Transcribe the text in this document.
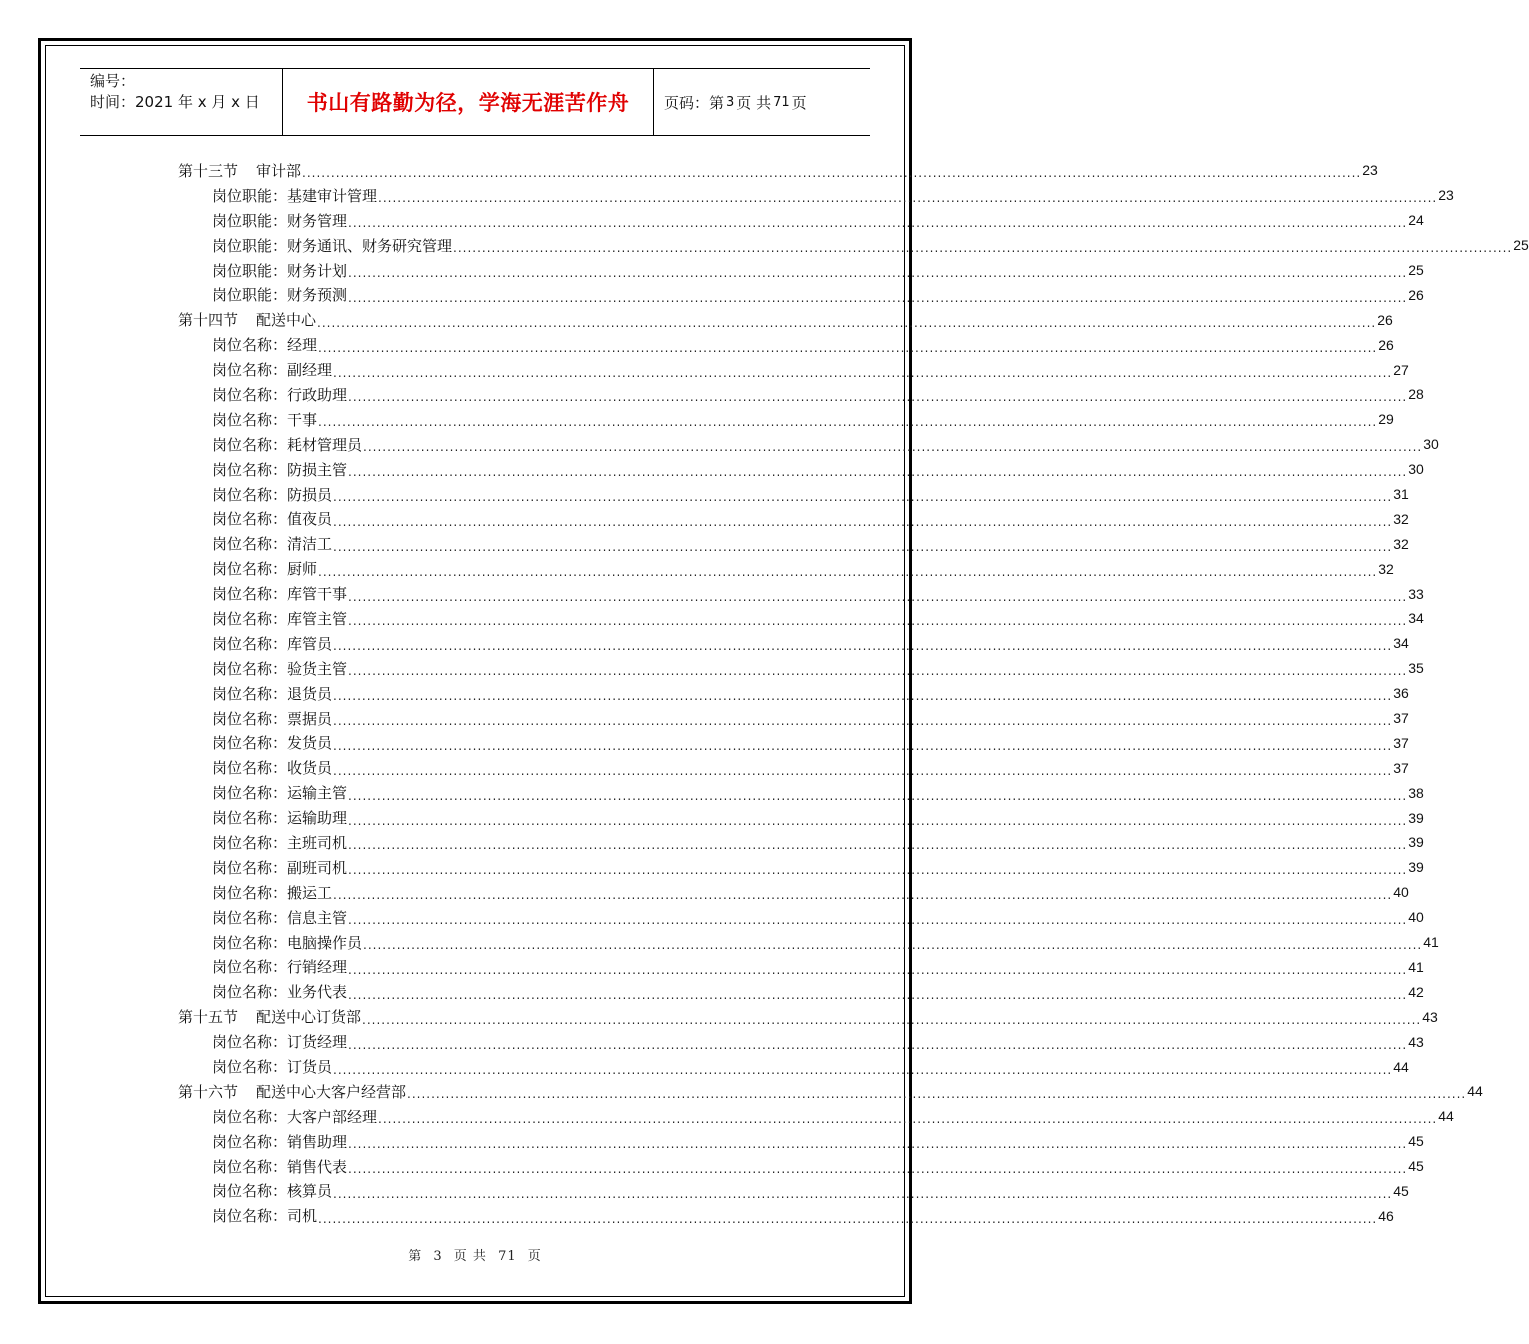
编号：
时间：2021 年 x 月 x 日	书山有路勤为径，学海无涯苦作舟	页码：第 3 页 共 71 页
第十三节 审计部 ............................................................................................................................................................................................................................ 23
岗位职能：基建审计管理 ............................................................................................................................................................................................................................ 23
岗位职能：财务管理 ............................................................................................................................................................................................................................ 24
岗位职能：财务通讯、财务研究管理 ............................................................................................................................................................................................................................ 25
岗位职能：财务计划 ............................................................................................................................................................................................................................ 25
岗位职能：财务预测 ............................................................................................................................................................................................................................ 26
第十四节 配送中心 ............................................................................................................................................................................................................................ 26
岗位名称：经理 ............................................................................................................................................................................................................................ 26
岗位名称：副经理 ............................................................................................................................................................................................................................ 27
岗位名称：行政助理 ............................................................................................................................................................................................................................ 28
岗位名称：干事 ............................................................................................................................................................................................................................ 29
岗位名称：耗材管理员 ............................................................................................................................................................................................................................ 30
岗位名称：防损主管 ............................................................................................................................................................................................................................ 30
岗位名称：防损员 ............................................................................................................................................................................................................................ 31
岗位名称：值夜员 ............................................................................................................................................................................................................................ 32
岗位名称：清洁工 ............................................................................................................................................................................................................................ 32
岗位名称：厨师 ............................................................................................................................................................................................................................ 32
岗位名称：库管干事 ............................................................................................................................................................................................................................ 33
岗位名称：库管主管 ............................................................................................................................................................................................................................ 34
岗位名称：库管员 ............................................................................................................................................................................................................................ 34
岗位名称：验货主管 ............................................................................................................................................................................................................................ 35
岗位名称：退货员 ............................................................................................................................................................................................................................ 36
岗位名称：票据员 ............................................................................................................................................................................................................................ 37
岗位名称：发货员 ............................................................................................................................................................................................................................ 37
岗位名称：收货员 ............................................................................................................................................................................................................................ 37
岗位名称：运输主管 ............................................................................................................................................................................................................................ 38
岗位名称：运输助理 ............................................................................................................................................................................................................................ 39
岗位名称：主班司机 ............................................................................................................................................................................................................................ 39
岗位名称：副班司机 ............................................................................................................................................................................................................................ 39
岗位名称：搬运工 ............................................................................................................................................................................................................................ 40
岗位名称：信息主管 ............................................................................................................................................................................................................................ 40
岗位名称：电脑操作员 ............................................................................................................................................................................................................................ 41
岗位名称：行销经理 ............................................................................................................................................................................................................................ 41
岗位名称：业务代表 ............................................................................................................................................................................................................................ 42
第十五节 配送中心订货部 ............................................................................................................................................................................................................................ 43
岗位名称：订货经理 ............................................................................................................................................................................................................................ 43
岗位名称：订货员 ............................................................................................................................................................................................................................ 44
第十六节 配送中心大客户经营部 ............................................................................................................................................................................................................................ 44
岗位名称：大客户部经理 ............................................................................................................................................................................................................................ 44
岗位名称：销售助理 ............................................................................................................................................................................................................................ 45
岗位名称：销售代表 ............................................................................................................................................................................................................................ 45
岗位名称：核算员 ............................................................................................................................................................................................................................ 45
岗位名称：司机 ............................................................................................................................................................................................................................ 46
第 3 页 共 71 页
